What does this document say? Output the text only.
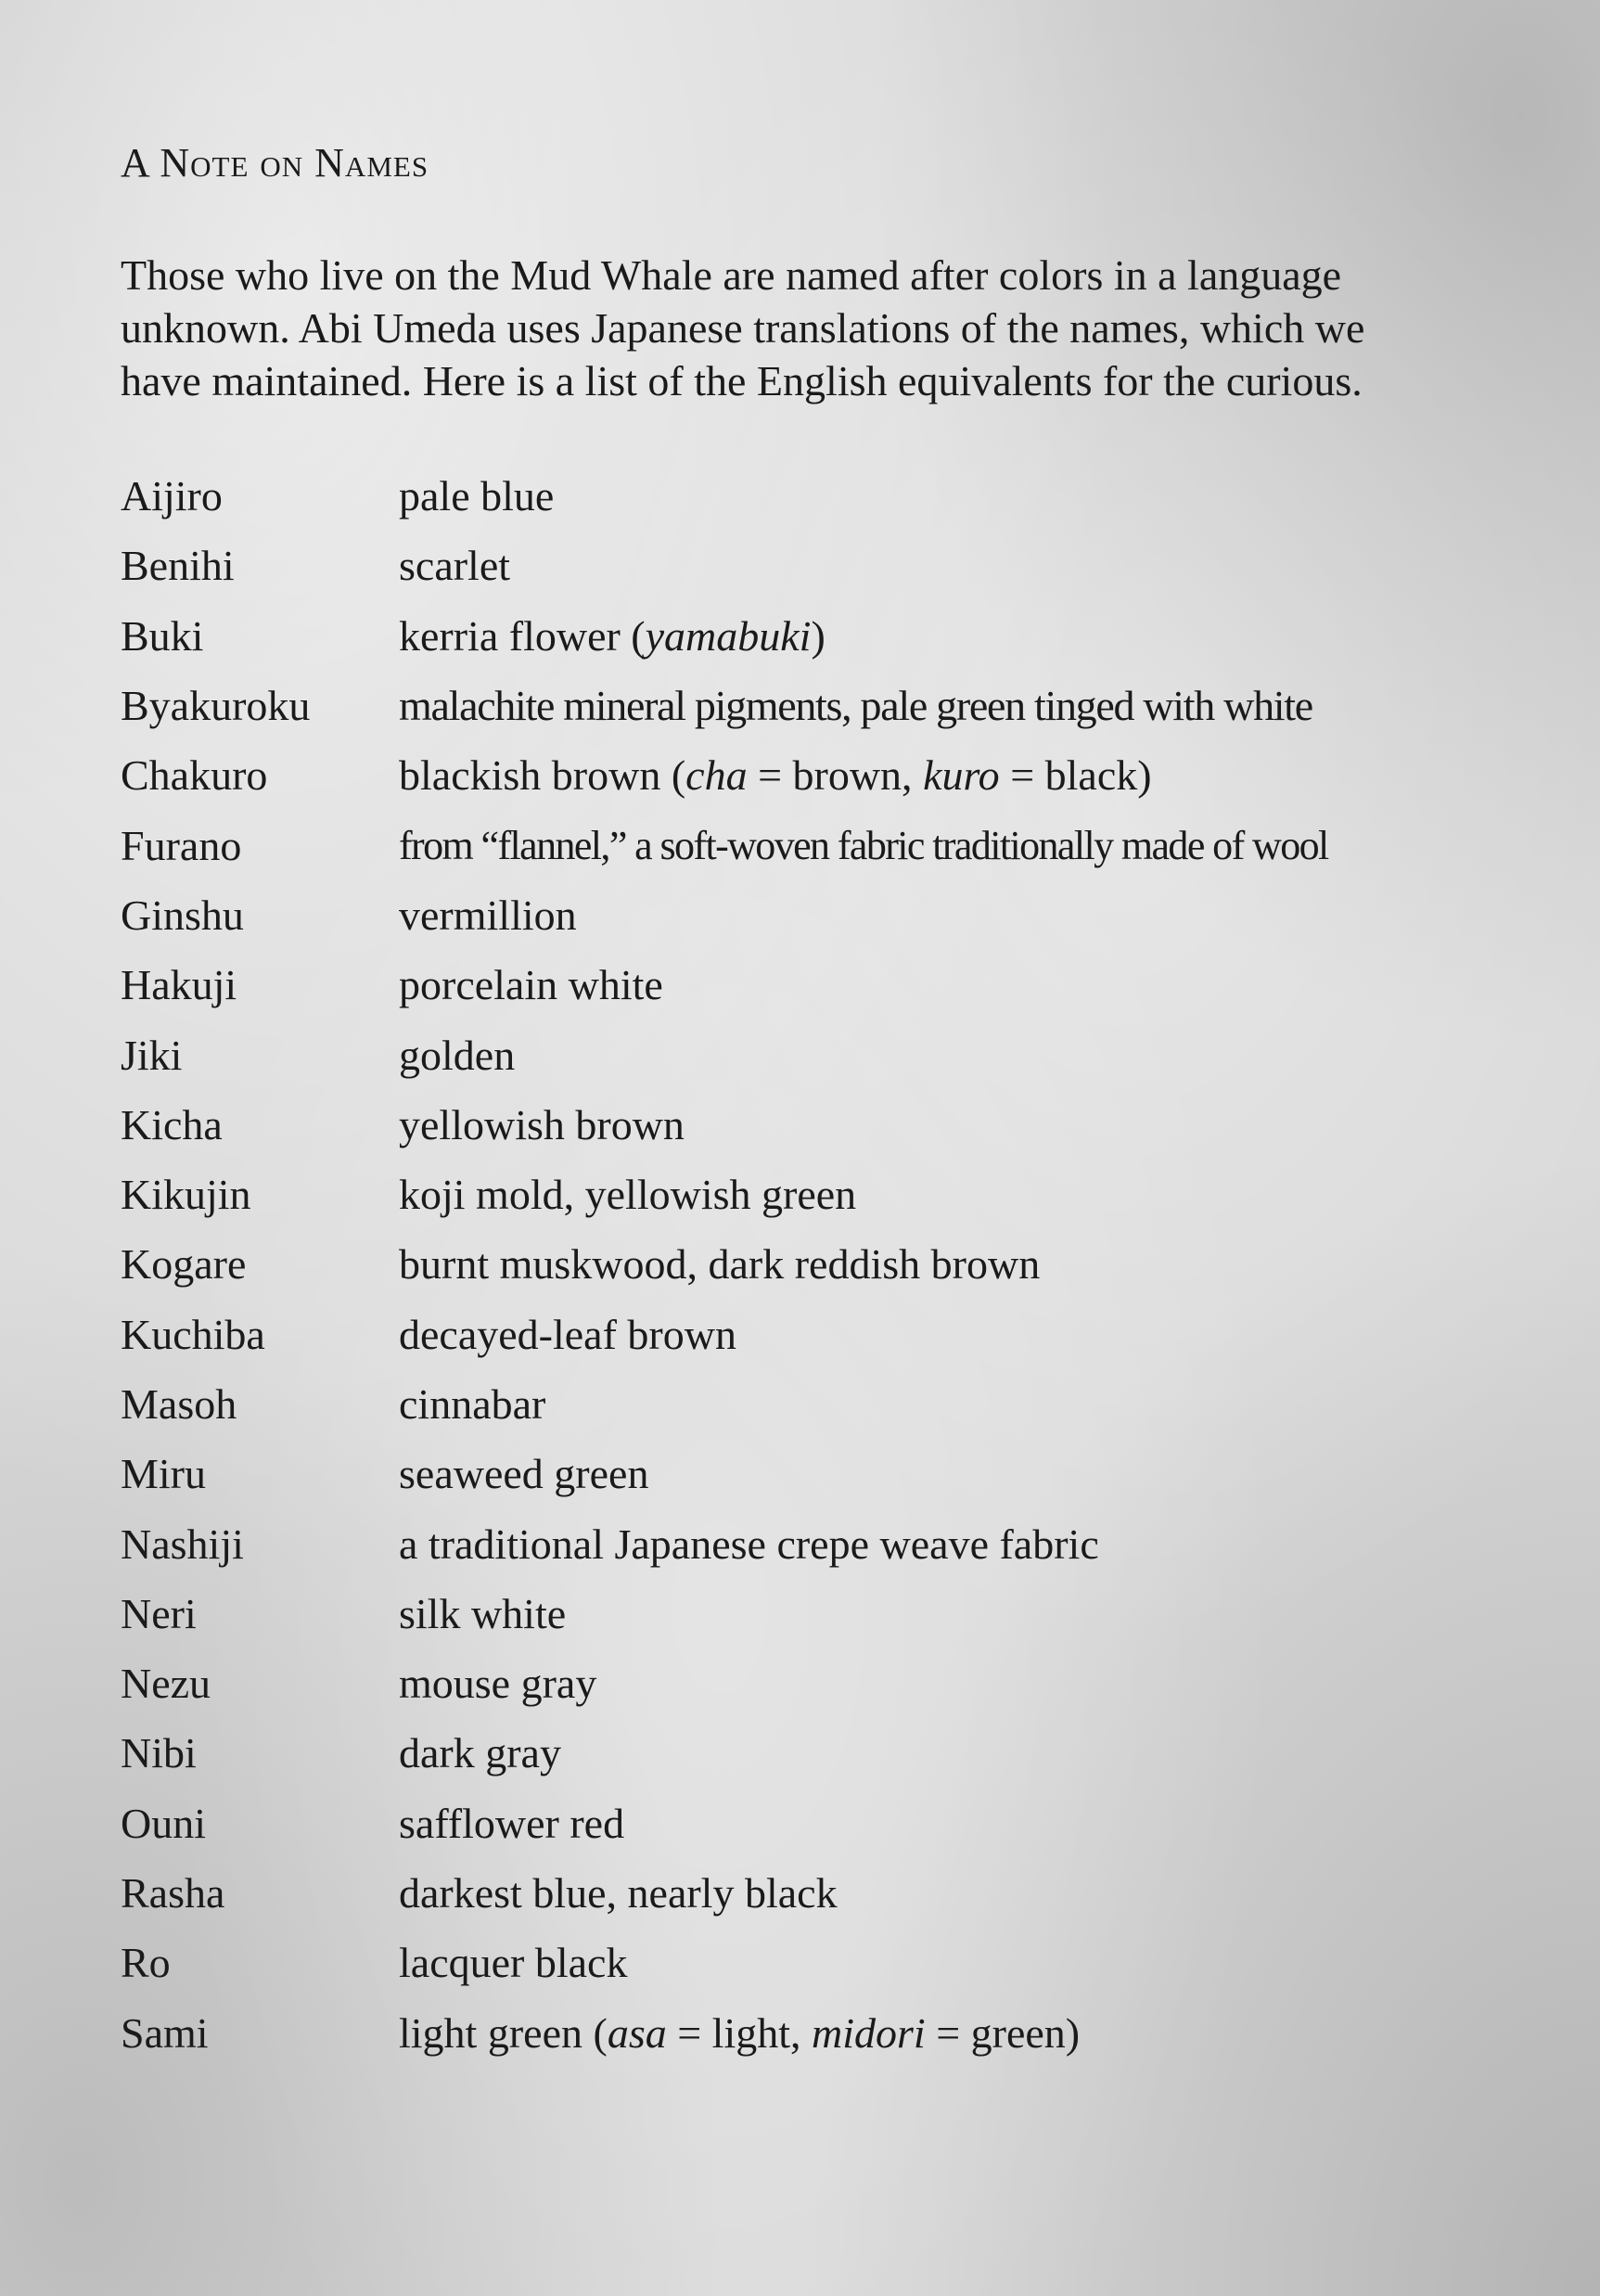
A Note on Names

Those who live on the Mud Whale are named after colors in a language unknown. Abi Umeda uses Japanese translations of the names, which we have maintained. Here is a list of the English equivalents for the curious.

Aijiro	pale blue
Benihi	scarlet
Buki	kerria flower (yamabuki)
Byakuroku	malachite mineral pigments, pale green tinged with white
Chakuro	blackish brown (cha = brown, kuro = black)
Furano	from “flannel,” a soft-woven fabric traditionally made of wool
Ginshu	vermillion
Hakuji	porcelain white
Jiki	golden
Kicha	yellowish brown
Kikujin	koji mold, yellowish green
Kogare	burnt muskwood, dark reddish brown
Kuchiba	decayed-leaf brown
Masoh	cinnabar
Miru	seaweed green
Nashiji	a traditional Japanese crepe weave fabric
Neri	silk white
Nezu	mouse gray
Nibi	dark gray
Ouni	safflower red
Rasha	darkest blue, nearly black
Ro	lacquer black
Sami	light green (asa = light, midori = green)
